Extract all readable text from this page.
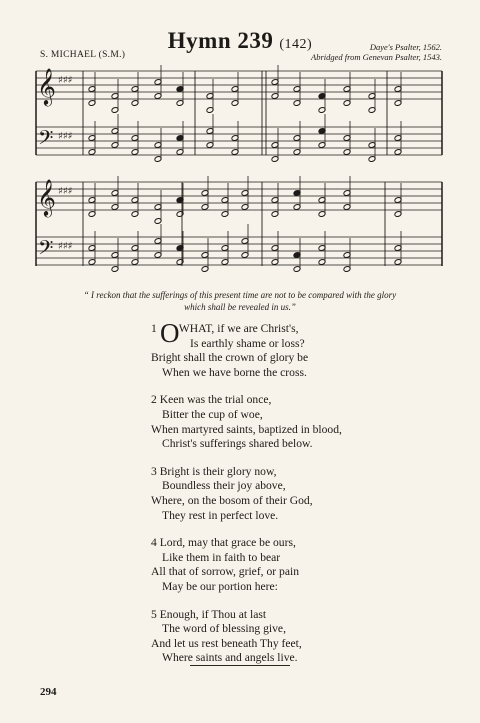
Hymn 239 (142)
S. MICHAEL (S.M.)
Daye's Psalter, 1562.
Abridged from Genevan Psalter, 1543.
𝄞 ♯♯♯
𝄞 ♯♯♯
𝄢 ♯♯♯
𝄢 ♯♯♯
“ I reckon that the sufferings of this present time are not to be compared with the glory
which shall be revealed in us.”
1 WHAT, if we are Christ's,
O Is earthly shame or loss?
Bright shall the crown of glory be
When we have borne the cross.
2 Keen was the trial once,
Bitter the cup of woe,
When martyred saints, baptized in blood,
Christ's sufferings shared below.
3 Bright is their glory now,
Boundless their joy above,
Where, on the bosom of their God,
They rest in perfect love.
4 Lord, may that grace be ours,
Like them in faith to bear
All that of sorrow, grief, or pain
May be our portion here:
5 Enough, if Thou at last
The word of blessing give,
And let us rest beneath Thy feet,
Where saints and angels live.
294
